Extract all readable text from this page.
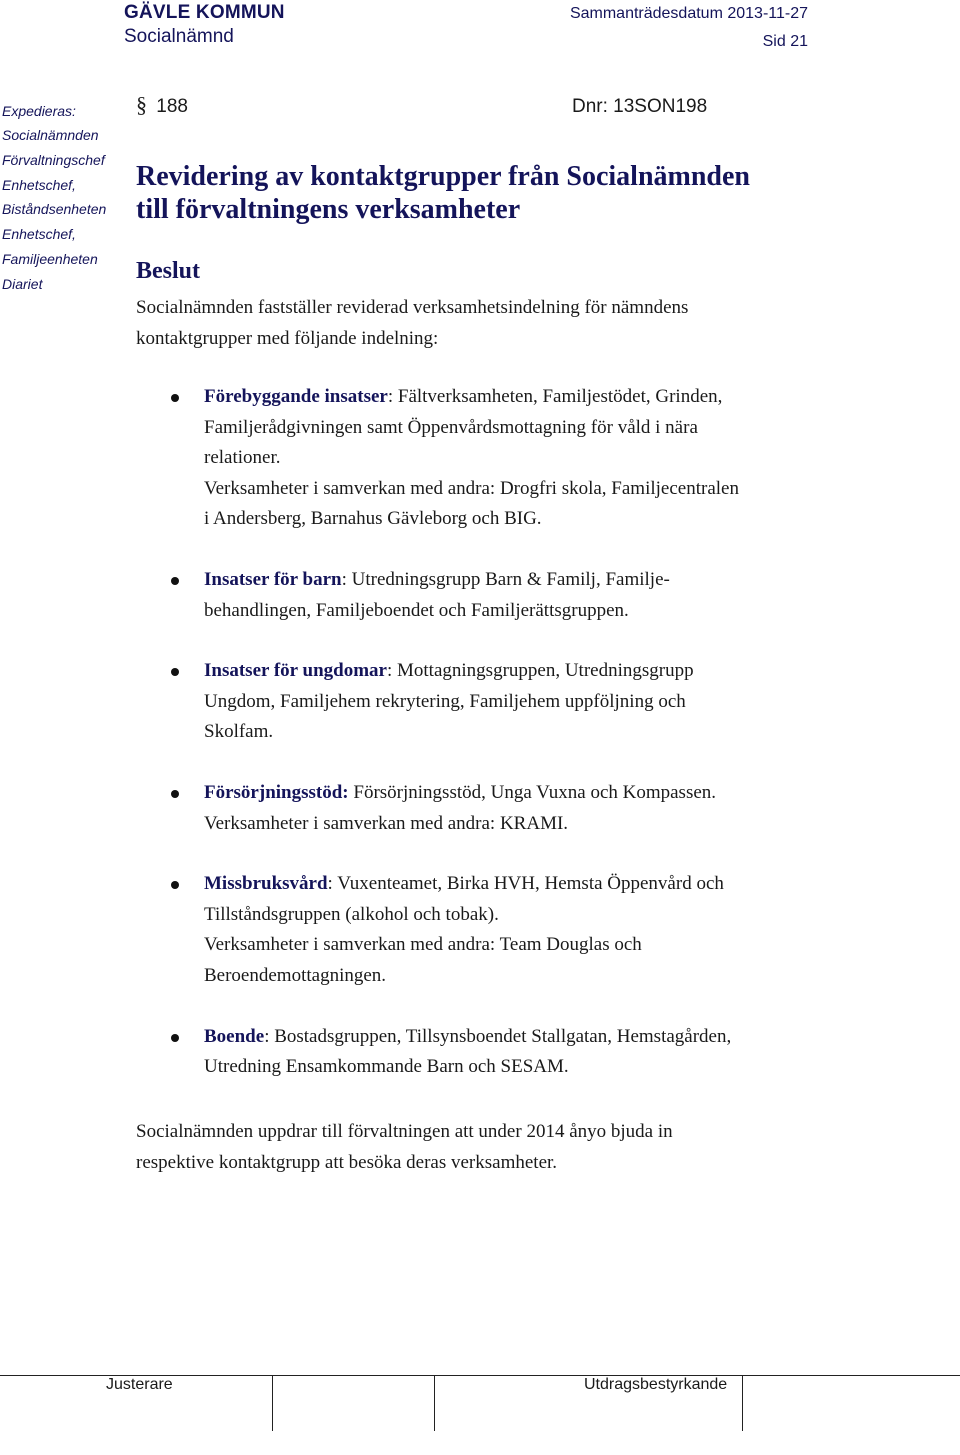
GÄVLE KOMMUN
Socialnämnd
Sammanträdesdatum 2013-11-27
Sid 21
Expedieras:
Socialnämnden
Förvaltningschef
Enhetschef,
Biståndsenheten
Enhetschef,
Familjeenheten
Diariet
§ 188	Dnr: 13SON198
Revidering av kontaktgrupper från Socialnämnden
till förvaltningens verksamheter
Beslut
Socialnämnden fastställer reviderad verksamhetsindelning för nämndens
kontaktgrupper med följande indelning:
Förebyggande insatser: Fältverksamheten, Familjestödet, Grinden,
Familjerådgivningen samt Öppenvårdsmottagning för våld i nära
relationer.
Verksamheter i samverkan med andra: Drogfri skola, Familjecentralen
i Andersberg, Barnahus Gävleborg och BIG.
Insatser för barn: Utredningsgrupp Barn & Familj, Familje-
behandlingen, Familjeboendet och Familjerättsgruppen.
Insatser för ungdomar: Mottagningsgruppen, Utredningsgrupp
Ungdom, Familjehem rekrytering, Familjehem uppföljning och
Skolfam.
Försörjningsstöd: Försörjningsstöd, Unga Vuxna och Kompassen.
Verksamheter i samverkan med andra: KRAMI.
Missbruksvård: Vuxenteamet, Birka HVH, Hemsta Öppenvård och
Tillståndsgruppen (alkohol och tobak).
Verksamheter i samverkan med andra: Team Douglas och
Beroendemottagningen.
Boende: Bostadsgruppen, Tillsynsboendet Stallgatan, Hemstagården,
Utredning Ensamkommande Barn och SESAM.
Socialnämnden uppdrar till förvaltningen att under 2014 ånyo bjuda in
respektive kontaktgrupp att besöka deras verksamheter.
Justerare	Utdragsbestyrkande
